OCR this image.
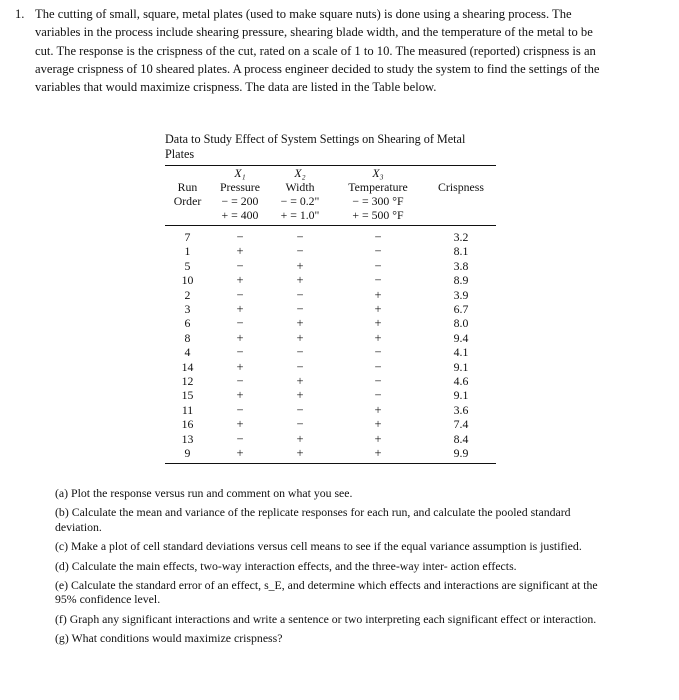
1. The cutting of small, square, metal plates (used to make square nuts) is done using a shearing process. The variables in the process include shearing pressure, shearing blade width, and the temperature of the metal to be cut. The response is the crispness of the cut, rated on a scale of 1 to 10. The measured (reported) crispness is an average crispness of 10 sheared plates. A process engineer decided to study the system to find the settings of the variables that would maximize crispness. The data are listed in the Table below.

Data to Study Effect of System Settings on Shearing of Metal Plates

	X₁	X₂	X₃	
Run	Pressure	Width	Temperature	Crispness
Order	− = 200	− = 0.2"	− = 300 °F	
	+ = 400	+ = 1.0"	+ = 500 °F	
7	−	−	−	3.2
1	+	−	−	8.1
5	−	+	−	3.8
10	+	+	−	8.9
2	−	−	+	3.9
3	+	−	+	6.7
6	−	+	+	8.0
8	+	+	+	9.4
4	−	−	−	4.1
14	+	−	−	9.1
12	−	+	−	4.6
15	+	+	−	9.1
11	−	−	+	3.6
16	+	−	+	7.4
13	−	+	+	8.4
9	+	+	+	9.9

(a) Plot the response versus run and comment on what you see.

(b) Calculate the mean and variance of the replicate responses for each run, and calculate the pooled standard deviation.

(c) Make a plot of cell standard deviations versus cell means to see if the equal variance assumption is justified.

(d) Calculate the main effects, two-way interaction effects, and the three-way inter- action effects.

(e) Calculate the standard error of an effect, s_E, and determine which effects and interactions are significant at the 95% confidence level.

(f) Graph any significant interactions and write a sentence or two interpreting each significant effect or interaction.

(g) What conditions would maximize crispness?
